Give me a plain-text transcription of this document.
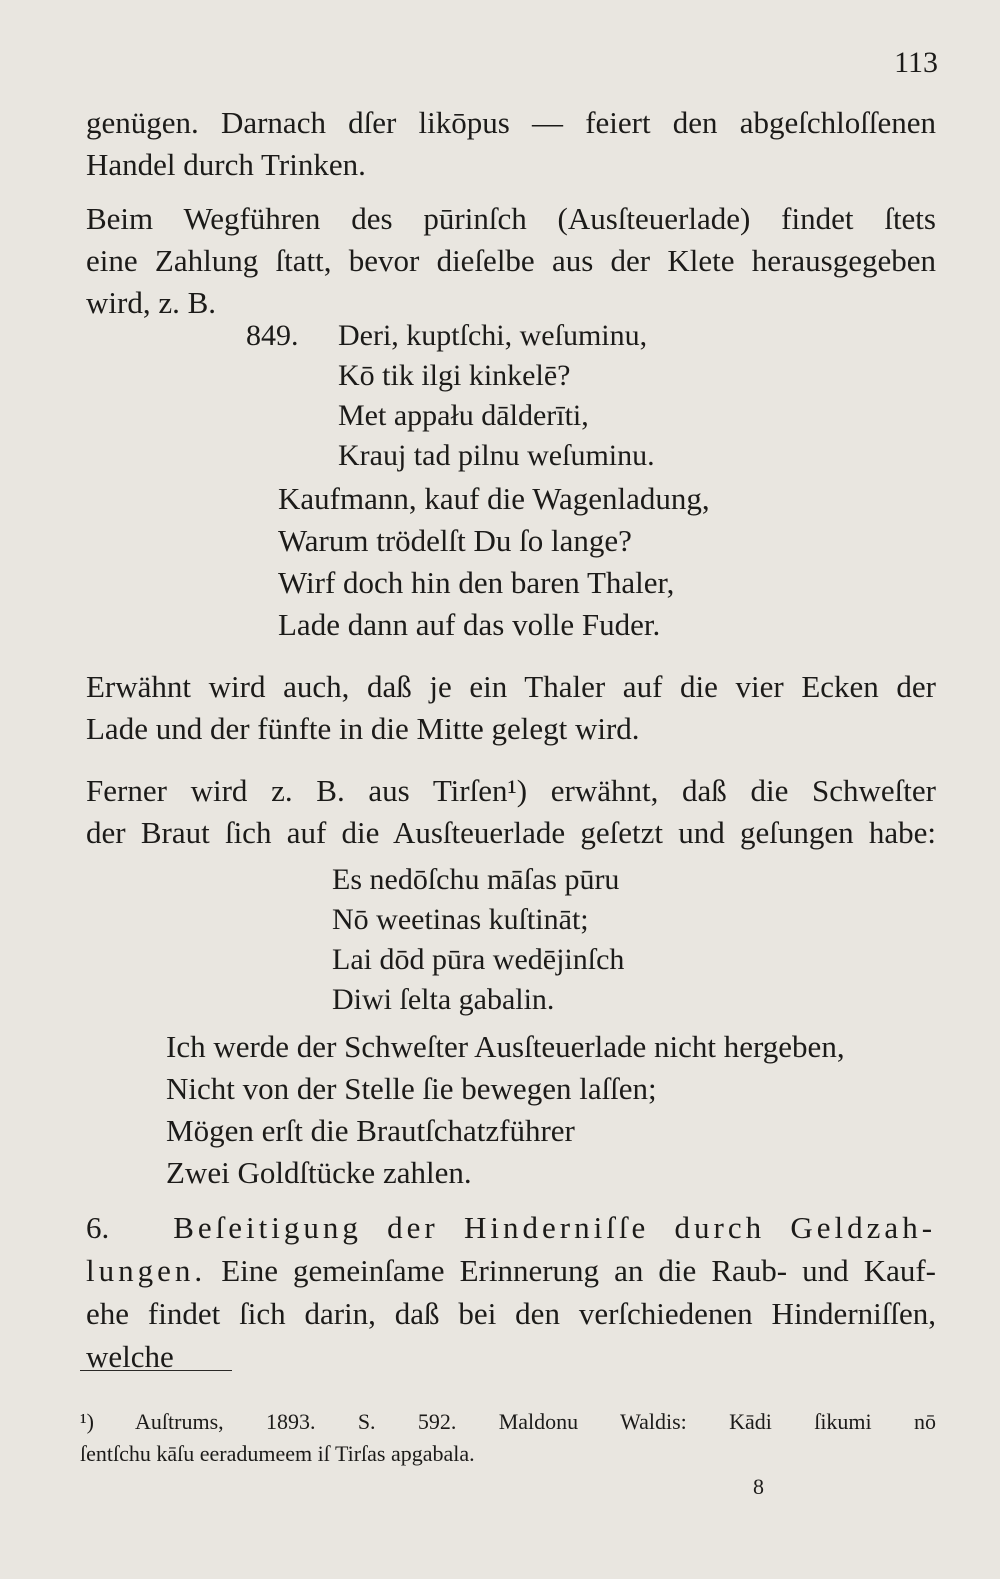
113
genügen. Darnach dſer likōpus — feiert den abgeſchloſſenen
Handel durch Trinken.
Beim Wegführen des pūrinſch (Ausſteuerlade) findet ſtets
eine Zahlung ſtatt, bevor dieſelbe aus der Klete herausgegeben
wird, z. B.
849. Deri, kuptſchi, weſuminu,
Kō tik ilgi kinkelē?
Met appału dālderīti,
Krauj tad pilnu weſuminu.
Kaufmann, kauf die Wagenladung,
Warum trödelſt Du ſo lange?
Wirf doch hin den baren Thaler,
Lade dann auf das volle Fuder.
Erwähnt wird auch, daß je ein Thaler auf die vier Ecken der
Lade und der fünfte in die Mitte gelegt wird.
Ferner wird z. B. aus Tirſen¹) erwähnt, daß die Schweſter
der Braut ſich auf die Ausſteuerlade geſetzt und geſungen habe:
Es nedōſchu māſas pūru
Nō weetinas kuſtināt;
Lai dōd pūra wedējinſch
Diwi ſelta gabalin.
Ich werde der Schweſter Ausſteuerlade nicht hergeben,
Nicht von der Stelle ſie bewegen laſſen;
Mögen erſt die Brautſchatzführer
Zwei Goldſtücke zahlen.
6. Beſeitigung der Hinderniſſe durch Geldzah-
lungen. Eine gemeinſame Erinnerung an die Raub- und Kauf-
ehe findet ſich darin, daß bei den verſchiedenen Hinderniſſen, welche
¹) Auſtrums, 1893. S. 592. Maldonu Waldis: Kādi ſikumi nō
ſentſchu kāſu eeradumeem iſ Tirſas apgabala.
8
